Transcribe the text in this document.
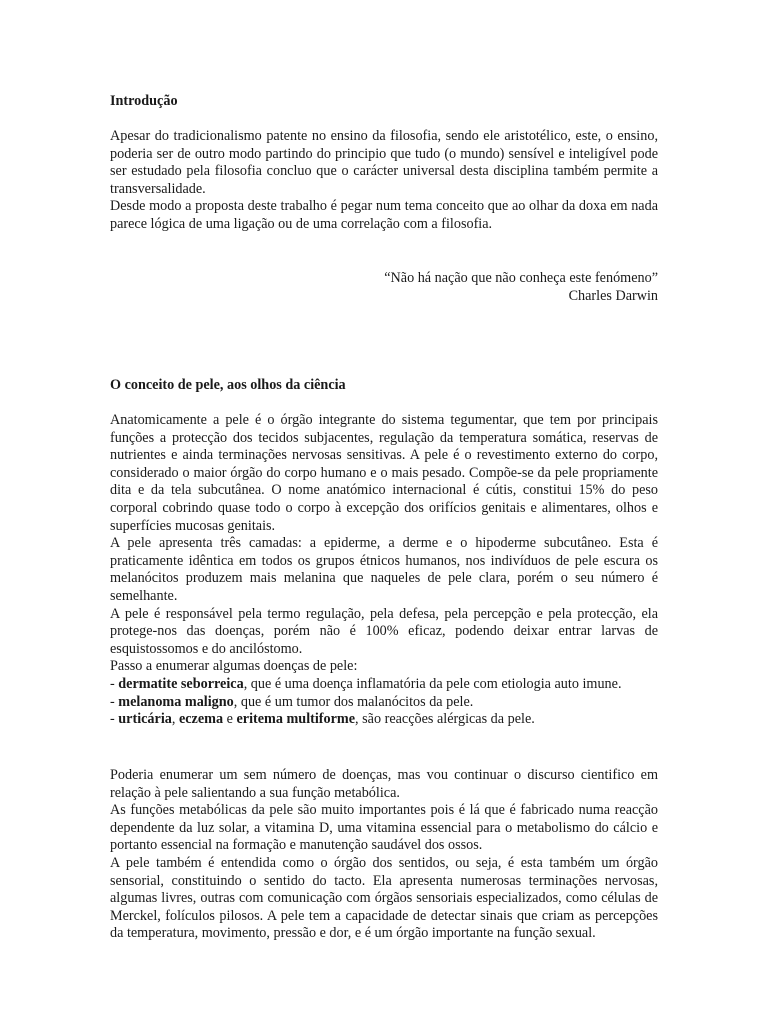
Introdução

Apesar do tradicionalismo patente no ensino da filosofia, sendo ele aristotélico, este, o ensino, poderia ser de outro modo partindo do principio que tudo (o mundo) sensível e inteligível pode ser estudado pela filosofia concluo que o carácter universal desta disciplina também permite a transversalidade.

Desde modo a proposta deste trabalho é pegar num tema conceito que ao olhar da doxa em nada parece lógica de uma ligação ou de uma correlação com a filosofia.

“Não há nação que não conheça este fenómeno”
Charles Darwin
O conceito de pele, aos olhos da ciência

Anatomicamente a pele é o órgão integrante do sistema tegumentar, que tem por principais funções a protecção dos tecidos subjacentes, regulação da temperatura somática, reservas de nutrientes e ainda terminações nervosas sensitivas. A pele é o revestimento externo do corpo, considerado o maior órgão do corpo humano e o mais pesado. Compõe-se da pele propriamente dita e da tela subcutânea. O nome anatómico internacional é cútis, constitui 15% do peso corporal cobrindo quase todo o corpo à excepção dos orifícios genitais e alimentares, olhos e superfícies mucosas genitais.

A pele apresenta três camadas: a epiderme, a derme e o hipoderme subcutâneo. Esta é praticamente idêntica em todos os grupos étnicos humanos, nos indivíduos de pele escura os melanócitos produzem mais melanina que naqueles de pele clara, porém o seu número é semelhante.

A pele é responsável pela termo regulação, pela defesa, pela percepção e pela protecção, ela protege-nos das doenças, porém não é 100% eficaz, podendo deixar entrar larvas de esquistossomos e do ancilóstomo.

Passo a enumerar algumas doenças de pele:

- dermatite seborreica, que é uma doença inflamatória da pele com etiologia auto imune.

- melanoma maligno, que é um tumor dos malanócitos da pele.

- urticária, eczema e eritema multiforme, são reacções alérgicas da pele.

Poderia enumerar um sem número de doenças, mas vou continuar o discurso cientifico em relação à pele salientando a sua função metabólica.

As funções metabólicas da pele são muito importantes pois é lá que é fabricado numa reacção dependente da luz solar, a vitamina D, uma vitamina essencial para o metabolismo do cálcio e portanto essencial na formação e manutenção saudável dos ossos.

A pele também é entendida como o órgão dos sentidos, ou seja, é esta também um órgão sensorial, constituindo o sentido do tacto. Ela apresenta numerosas terminações nervosas, algumas livres, outras com comunicação com órgãos sensoriais especializados, como células de Merckel, folículos pilosos. A pele tem a capacidade de detectar sinais que criam as percepções da temperatura, movimento, pressão e dor, e é um órgão importante na função sexual.
